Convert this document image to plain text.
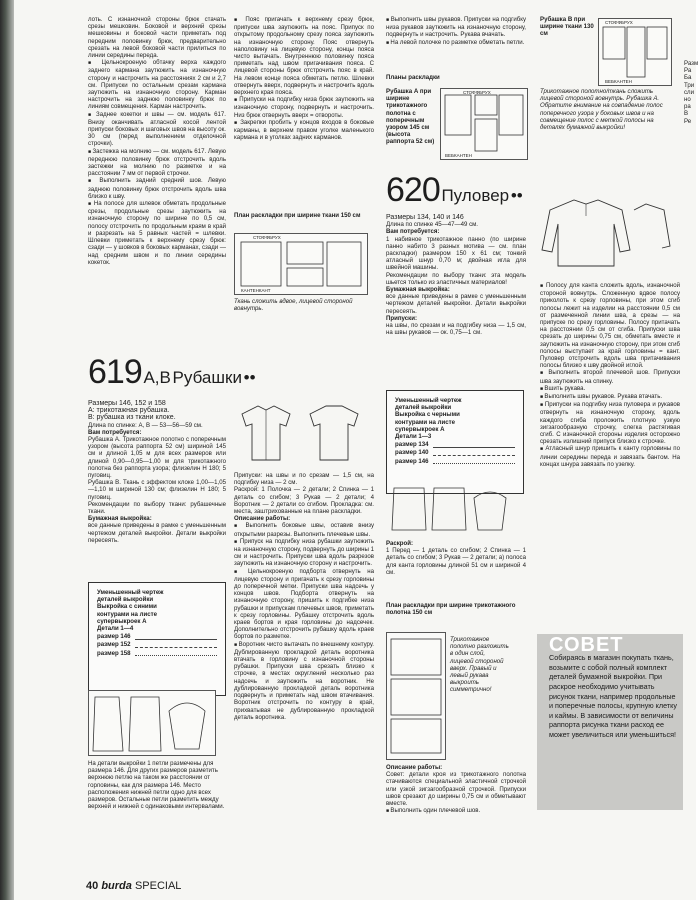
лоть. С изнаночной стороны брюк стачать срезы мешковин. Боковой и верхний срезы мешковины и боковой части приметать под передним половинку брюк, предварительно срезать на левой боковой части прилиться по линии середины переда.

■ Цельнокроеную обтачку верха каждого заднего кармана заутюжить на изнаночную сторону и настрочить на расстояниях 2 см и 2,7 см. Припуски по остальным срезам кармана заутюжить на изнаночную сторону. Карман настрочить на заднюю половинку брюк по линиям совмещения. Карман настрочить.

■ Заднее кокетки и швы — см. модель 617. Внизу оканчивать атласной косой лентой припуски боковых и шаговых швов на высоту ок. 30 см (перед выполнением отделочной строчки).

■ Застежка на молнию — см. модель 617. Левую переднюю половинку брюк отстрочить вдоль застежки на молнию по разметке и на расстоянии 7 мм от первой строчки.

■ Выполнить задний средний шов. Левую заднюю половинку брюк отстрочить вдоль шва близко к шву.

■ На полосе для шлевок обметать продольные срезы, продольные срезы заутюжить на изнаночную сторону по ширине по 0,5 см, полосу отстрочить по продольным краям в край и разрезать на 5 равных частей = шлевки. Шлевки приметать к верхнему срезу брюк: сзади — у шовков в боковых карманах, сзади — над средним швом и по линии середины кокеток.

■ Пояс пригачать к верхнему срезу брюк, припуски шва заутюжить на пояс. Припуск по открытому продольному срезу пояса заутюжить на изнаночную сторону. Пояс отвернуть наполовину на лицевую сторону, концы пояса чисто вытачать. Внутреннюю половинку пояса приметать над швом пригачивания пояса. С лицевой стороны брюк отстрочить пояс в край. На левом конце пояса обметать петлю. Шлевки отвернуть вверх, подвернуть и настрочить вдоль верхнего края пояса.

■ Припуски на подгибку низа брюк заутюжить на изнаночную сторону, подвернуть и настрочить. Низ брюк отвернуть вверх = отвороты.

■ Закрепки пробить у концов входов в боковые карманы, в верхнем правом уголке маленького кармана и в уголках задних карманов.

План раскладки при ширине ткани 150 см
СТОФФБРУХ
КАНТЕНКАНТ
Ткань сложить вдвое, лицевой стороной вовнутрь.
619 А,В Рубашки ••

Размеры 146, 152 и 158

А: трикотажная рубашка.

В: рубашка из ткани клоке.

Длина по спинке: А, В — 53—56—59 см.

Вам потребуется:

Рубашка А. Трикотажное полотно с поперечным узором (высота раппорта 52 см) шириной 145 см и длиной 1,05 м для всех размеров или длиной 0,90—0,95—1,00 м для трикотажного полотна без раппорта узора; флизелин Н 180; 5 пуговиц.

Рубашка В. Ткань с эффектом клоке 1,00—1,05—1,10 м шириной 130 см; флизелин Н 180; 5 пуговиц.

Рекомендации по выбору ткани: рубашечные ткани.

Бумажная выкройка:

все данные приведены в рамке с уменьшенным чертежом деталей выкройки. Детали выкройки пересеять.

Уменьшенный чертеж
деталей выкройки
Выкройка с синими
контурами на листе
супервыкроек А
Детали 1—4
размер 146
размер 152
размер 158
На детали выкройки 1 петли размечены для размера 146. Для других размеров разметить верхнюю петлю на таком же расстоянии от горловины, как для размера 146. Место расположения нижней петли одно для всех размеров. Остальные петли разметить между верхней и нижней с одинаковыми интервалами.

Припуски: на швы и по срезам — 1,5 см, на подгибку низа — 2 см.

Раскрой: 1 Полочка — 2 детали; 2 Спинка — 1 деталь со сгибом; 3 Рукав — 2 детали; 4 Воротник — 2 детали со сгибом. Прокладка: см. места, заштрихованные на плане раскладки.

Описание работы:

■ Выполнить боковые швы, оставив внизу открытыми разрезы. Выполнить плечевые швы.

■ Припуск на подгибку низа рубашки заутюжить на изнаночную сторону, подвернуть до ширины 1 см и настрочить. Припуски шва вдоль разрезов заутюжить на изнаночную сторону и настрочить.

■ Цельнокроеную подборта отвернуть на лицевую сторону и пригачать к срезу горловины до поперечной метки. Припуски шва надсечь у концов швов. Подборта отвернуть на изнаночную сторону, пришить к подгибке низа рубашки и припускам плечевых швов, приметать к срезу горловины. Рубашку отстрочить вдоль краев бортов и края горловины до надсечек. Дополнительно отстрочить рубашку вдоль краев бортов по разметке.

■ Воротник чисто вытачать по внешнему контуру. Дублированную прокладкой деталь воротника втачать в горловину с изнаночной стороны рубашки. Припуски шва срезать близко к строчке, в местах округлений несколько раз надсечь и заутюжить на воротник. Не дублированную прокладкой деталь воротника подвернуть и приметать над швом втачивания. Воротник отстрочить по контуру в край, прихватывая не дублированную прокладкой деталь воротника.

■ Выполнить швы рукавов. Припуски на подгибку низа рукавов заутюжить на изнаночную сторону, подвернуть и настрочить. Рукава вчачать.

■ На левой полочке по разметке обметать петли.

Планы раскладки
Рубашка А при ширине трикотажного полотна с поперечным узором 145 см (высота раппорта 52 см)
СТОФФБРУХ
ВЕБКАНТЕН
620 Пуловер ••

Размеры 134, 140 и 146

Длина по спинке 45—47—49 см.

Вам потребуется:

1 набивное трикотажное панно (по ширине панно набито 3 разных мотива — см. план раскладки) размером 150 x 61 см; тонкий атласный шнур 0,70 м; двойная игла для швейной машины.

Рекомендации по выбору ткани: эта модель шьется только из эластичных материалов!

Бумажная выкройка:

все данные приведены в рамке с уменьшенным чертежом деталей выкройки. Детали выкройки пересеять.

Припуски:

на швы, по срезам и на подгибку низа — 1,5 см, на швы рукавов — ок. 0,75—1 см.

Уменьшенный чертеж
деталей выкройки
Выкройка с черными
контурами на листе
супервыкроек А
Детали 1—3
размер 134
размер 140
размер 146

Раскрой:

1 Перед — 1 деталь со сгибом; 2 Спинка — 1 деталь со сгибом; 3 Рукав — 2 детали; а) полоса для канта горловины длиной 51 см и шириной 4 см.

План раскладки при ширине трикотажного полотна 150 см
Трикотажное полотно разложить в один слой, лицевой стороной вверх. Правый и левый рукава выкроить симметрично!

Описание работы:

Совет: детали кроя из трикотажного полотна стачиваются специальной эластичной строчкой или узкой зигзагообразной строчкой. Припуски швов срезают до ширины 0,75 см и обметывают вместе.

■ Выполнить один плечевой шов.

Рубашка В при ширине ткани 130 см
СТОФФБРУХ
ВЕБКАНТЕН
Трикотажное полотно/ткань сложить лицевой стороной вовнутрь. Рубашка А. Обратите внимание на совпадение полос поперечного узора у боковых швов и на совмещение полос с меткой полосы на деталях бумажной выкройки!

■ Полосу для канта сложить вдоль, изнаночной стороной вовнутрь. Сложенную вдвое полосу приколоть к срезу горловины, при этом сгиб полосы лежит на изделии на расстоянии 0,5 см от размеченной линии шва, а срезы — на припуске по срезу горловины. Полосу притачать на расстоянии 0,5 см от сгиба. Припуски шва срезать до ширины 0,75 см, обметать вместе и заутюжить на изнаночную сторону, при этом сгиб полосы выступает за край горловины = кант. Пуловер отстрочить вдоль шва притачивания полосы близко к шву двойной иглой.

■ Выполнить второй плечевой шов. Припуски шва заутюжить на спинку.

■ Вшить рукава.

■ Выполнить швы рукавов. Рукава втачать.

■ Припуски на подгибку низа пуловера и рукавов отвернуть на изнаночную сторону, вдоль каждого сгиба проложить плотную узкую зигзагообразную строчку, слегка растягивая сгиб. С изнаночной стороны изделия осторожно срезать излишний припуск близко к строчке.

■ Атласный шнур пришить к канту горловины по линии середины переда и завязать бантом. На концах шнура завязать по узелку.

СОВЕТ
Собираясь в магазин покупать ткань, возьмите с собой полный комплект деталей бумажной выкройки. При раскрое необходимо учитывать рисунок ткани, например продольные и поперечные полосы, крупную клетку и каймы. В зависимости от величины раппорта рисунка ткани расход ее может увеличиться или уменьшиться!

Разм

Ра

Ба

Три

сли

но

ра

В

Ре

40 burda SPECIAL
